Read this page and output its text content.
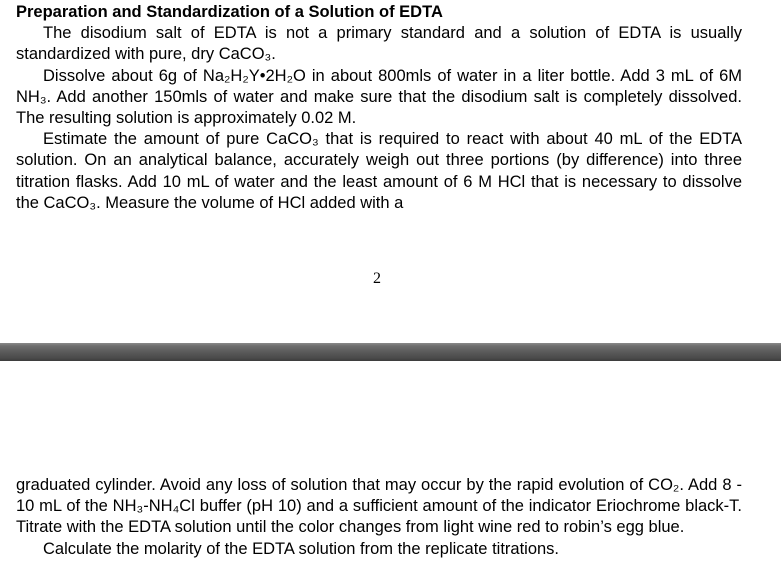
Preparation and Standardization of a Solution of EDTA

The disodium salt of EDTA is not a primary standard and a solution of EDTA is usually standardized with pure, dry CaCO₃.

Dissolve about 6g of Na₂H₂Y•2H₂O in about 800mls of water in a liter bottle. Add 3 mL of 6M NH₃. Add another 150mls of water and make sure that the disodium salt is completely dissolved. The resulting solution is approximately 0.02 M.

Estimate the amount of pure CaCO₃ that is required to react with about 40 mL of the EDTA solution. On an analytical balance, accurately weigh out three portions (by difference) into three titration flasks. Add 10 mL of water and the least amount of 6 M HCl that is necessary to dissolve the CaCO₃. Measure the volume of HCl added with a

2

graduated cylinder. Avoid any loss of solution that may occur by the rapid evolution of CO₂. Add 8 - 10 mL of the NH₃-NH₄Cl buffer (pH 10) and a sufficient amount of the indicator Eriochrome black-T. Titrate with the EDTA solution until the color changes from light wine red to robin’s egg blue.

Calculate the molarity of the EDTA solution from the replicate titrations.
